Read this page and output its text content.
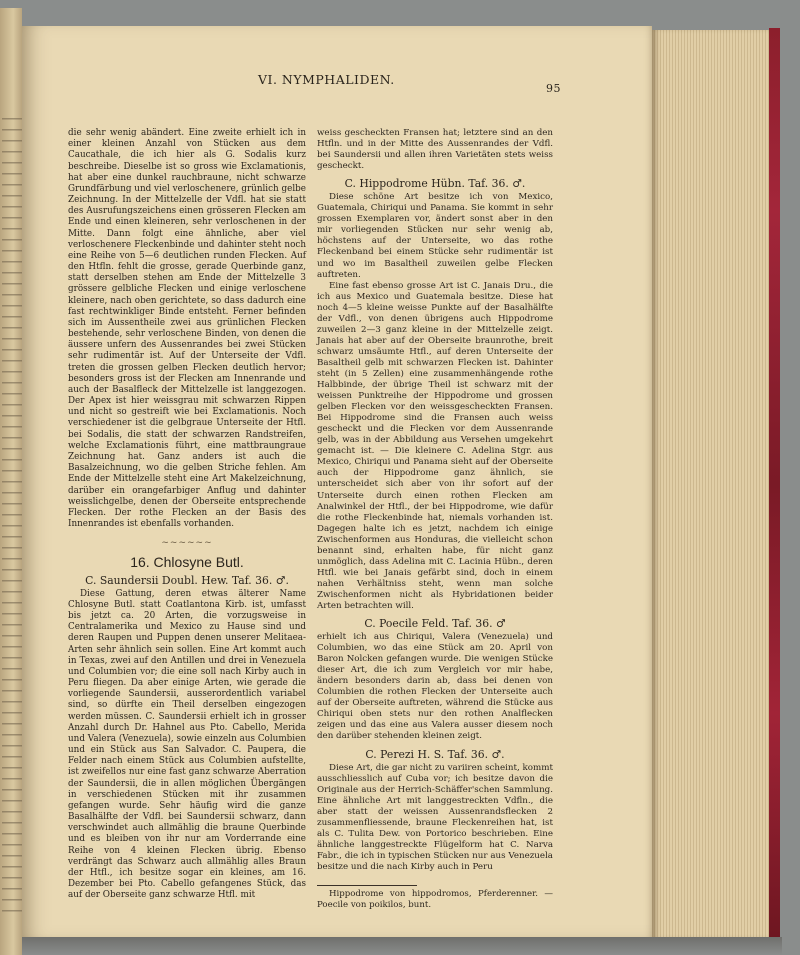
VI. NYMPHALIDEN.
95

die sehr wenig abändert. Eine zweite erhielt ich in einer kleinen Anzahl von Stücken aus dem Caucathale, die ich hier als G. Sodalis kurz beschreibe. Dieselbe ist so gross wie Exclamationis, hat aber eine dunkel rauchbraune, nicht schwarze Grundfärbung und viel verloschenere, grünlich gelbe Zeichnung. In der Mittelzelle der Vdfl. hat sie statt des Ausrufungszeichens einen grösseren Flecken am Ende und einen kleineren, sehr verloschenen in der Mitte. Dann folgt eine ähnliche, aber viel verloschenere Fleckenbinde und dahinter steht noch eine Reihe von 5—6 deutlichen runden Flecken. Auf den Htfln. fehlt die grosse, gerade Querbinde ganz, statt derselben stehen am Ende der Mittelzelle 3 grössere gelbliche Flecken und einige verloschene kleinere, nach oben gerichtete, so dass dadurch eine fast rechtwinkliger Binde entsteht. Ferner befinden sich im Aussentheile zwei aus grünlichen Flecken bestehende, sehr verloschene Binden, von denen die äussere unfern des Aussenrandes bei zwei Stücken sehr rudimentär ist. Auf der Unterseite der Vdfl. treten die grossen gelben Flecken deutlich hervor; besonders gross ist der Flecken am Innenrande und auch der Basalfleck der Mittelzelle ist langgezogen. Der Apex ist hier weissgrau mit schwarzen Rippen und nicht so gestreift wie bei Exclamationis. Noch verschiedener ist die gelbgraue Unterseite der Htfl. bei Sodalis, die statt der schwarzen Randstreifen, welche Exclamationis führt, eine mattbraungraue Zeichnung hat. Ganz anders ist auch die Basalzeichnung, wo die gelben Striche fehlen. Am Ende der Mittelzelle steht eine Art Makelzeichnung, darüber ein orangefarbiger Anflug und dahinter weisslichgelbe, denen der Oberseite entsprechende Flecken. Der rothe Flecken an der Basis des Innenrandes ist ebenfalls vorhanden.

~~~~~~
16. Chlosyne Butl.
C. Saundersii Doubl. Hew. Taf. 36. ♂.

Diese Gattung, deren etwas älterer Name Chlosyne Butl. statt Coatlantona Kirb. ist, umfasst bis jetzt ca. 20 Arten, die vorzugsweise in Centralamerika und Mexico zu Hause sind und deren Raupen und Puppen denen unserer Melitaea-Arten sehr ähnlich sein sollen. Eine Art kommt auch in Texas, zwei auf den Antillen und drei in Venezuela und Columbien vor; die eine soll nach Kirby auch in Peru fliegen. Da aber einige Arten, wie gerade die vorliegende Saundersii, ausserordentlich variabel sind, so dürfte ein Theil derselben eingezogen werden müssen. C. Saundersii erhielt ich in grosser Anzahl durch Dr. Hahnel aus Pto. Cabello, Merida und Valera (Venezuela), sowie einzeln aus Columbien und ein Stück aus San Salvador. C. Paupera, die Felder nach einem Stück aus Columbien aufstellte, ist zweifellos nur eine fast ganz schwarze Aberration der Saundersii, die in allen möglichen Übergängen in verschiedenen Stücken mit ihr zusammen gefangen wurde. Sehr häufig wird die ganze Basalhälfte der Vdfl. bei Saundersii schwarz, dann verschwindet auch allmählig die braune Querbinde und es bleiben von ihr nur am Vorderrande eine Reihe von 4 kleinen Flecken übrig. Ebenso verdrängt das Schwarz auch allmählig alles Braun der Htfl., ich besitze sogar ein kleines, am 16. Dezember bei Pto. Cabello gefangenes Stück, das auf der Oberseite ganz schwarze Htfl. mit

weiss gescheckten Fransen hat; letztere sind an den Htfln. und in der Mitte des Aussenrandes der Vdfl. bei Saundersii und allen ihren Varietäten stets weiss gescheckt.

C. Hippodrome Hübn. Taf. 36. ♂.

Diese schöne Art besitze ich von Mexico, Guatemala, Chiriqui und Panama. Sie kommt in sehr grossen Exemplaren vor, ändert sonst aber in den mir vorliegenden Stücken nur sehr wenig ab, höchstens auf der Unterseite, wo das rothe Fleckenband bei einem Stücke sehr rudimentär ist und wo im Basaltheil zuweilen gelbe Flecken auftreten.

Eine fast ebenso grosse Art ist C. Janais Dru., die ich aus Mexico und Guatemala besitze. Diese hat noch 4—5 kleine weisse Punkte auf der Basalhälfte der Vdfl., von denen übrigens auch Hippodrome zuweilen 2—3 ganz kleine in der Mittelzelle zeigt. Janais hat aber auf der Oberseite braunrothe, breit schwarz umsäumte Htfl., auf deren Unterseite der Basaltheil gelb mit schwarzen Flecken ist. Dahinter steht (in 5 Zellen) eine zusammenhängende rothe Halbbinde, der übrige Theil ist schwarz mit der weissen Punktreihe der Hippodrome und grossen gelben Flecken vor den weissgescheckten Fransen. Bei Hippodrome sind die Fransen auch weiss gescheckt und die Flecken vor dem Aussenrande gelb, was in der Abbildung aus Versehen umgekehrt gemacht ist. — Die kleinere C. Adelina Stgr. aus Mexico, Chiriqui und Panama sieht auf der Oberseite auch der Hippodrome ganz ähnlich, sie unterscheidet sich aber von ihr sofort auf der Unterseite durch einen rothen Flecken am Analwinkel der Htfl., der bei Hippodrome, wie dafür die rothe Fleckenbinde hat, niemals vorhanden ist. Dagegen halte ich es jetzt, nachdem ich einige Zwischenformen aus Honduras, die vielleicht schon benannt sind, erhalten habe, für nicht ganz unmöglich, dass Adelina mit C. Lacinia Hübn., deren Htfl. wie bei Janais gefärbt sind, doch in einem nahen Verhältniss steht, wenn man solche Zwischenformen nicht als Hybridationen beider Arten betrachten will.

C. Poecile Feld. Taf. 36. ♂

erhielt ich aus Chiriqui, Valera (Venezuela) und Columbien, wo das eine Stück am 20. April von Baron Nolcken gefangen wurde. Die wenigen Stücke dieser Art, die ich zum Vergleich vor mir habe, ändern besonders darin ab, dass bei denen von Columbien die rothen Flecken der Unterseite auch auf der Oberseite auftreten, während die Stücke aus Chiriqui oben stets nur den rothen Analflecken zeigen und das eine aus Valera ausser diesem noch den darüber stehenden kleinen zeigt.

C. Perezi H. S. Taf. 36. ♂.

Diese Art, die gar nicht zu variiren scheint, kommt ausschliesslich auf Cuba vor; ich besitze davon die Originale aus der Herrich-Schäffer'schen Sammlung. Eine ähnliche Art mit langgestreckten Vdfln., die aber statt der weissen Aussenrandsflecken 2 zusammenfliessende, braune Fleckenreihen hat, ist als C. Tulita Dew. von Portorico beschrieben. Eine ähnliche langgestreckte Flügelform hat C. Narva Fabr., die ich in typischen Stücken nur aus Venezuela besitze und die nach Kirby auch in Peru

Hippodrome von hippodromos, Pferderenner. — Poecile von poikilos, bunt.
